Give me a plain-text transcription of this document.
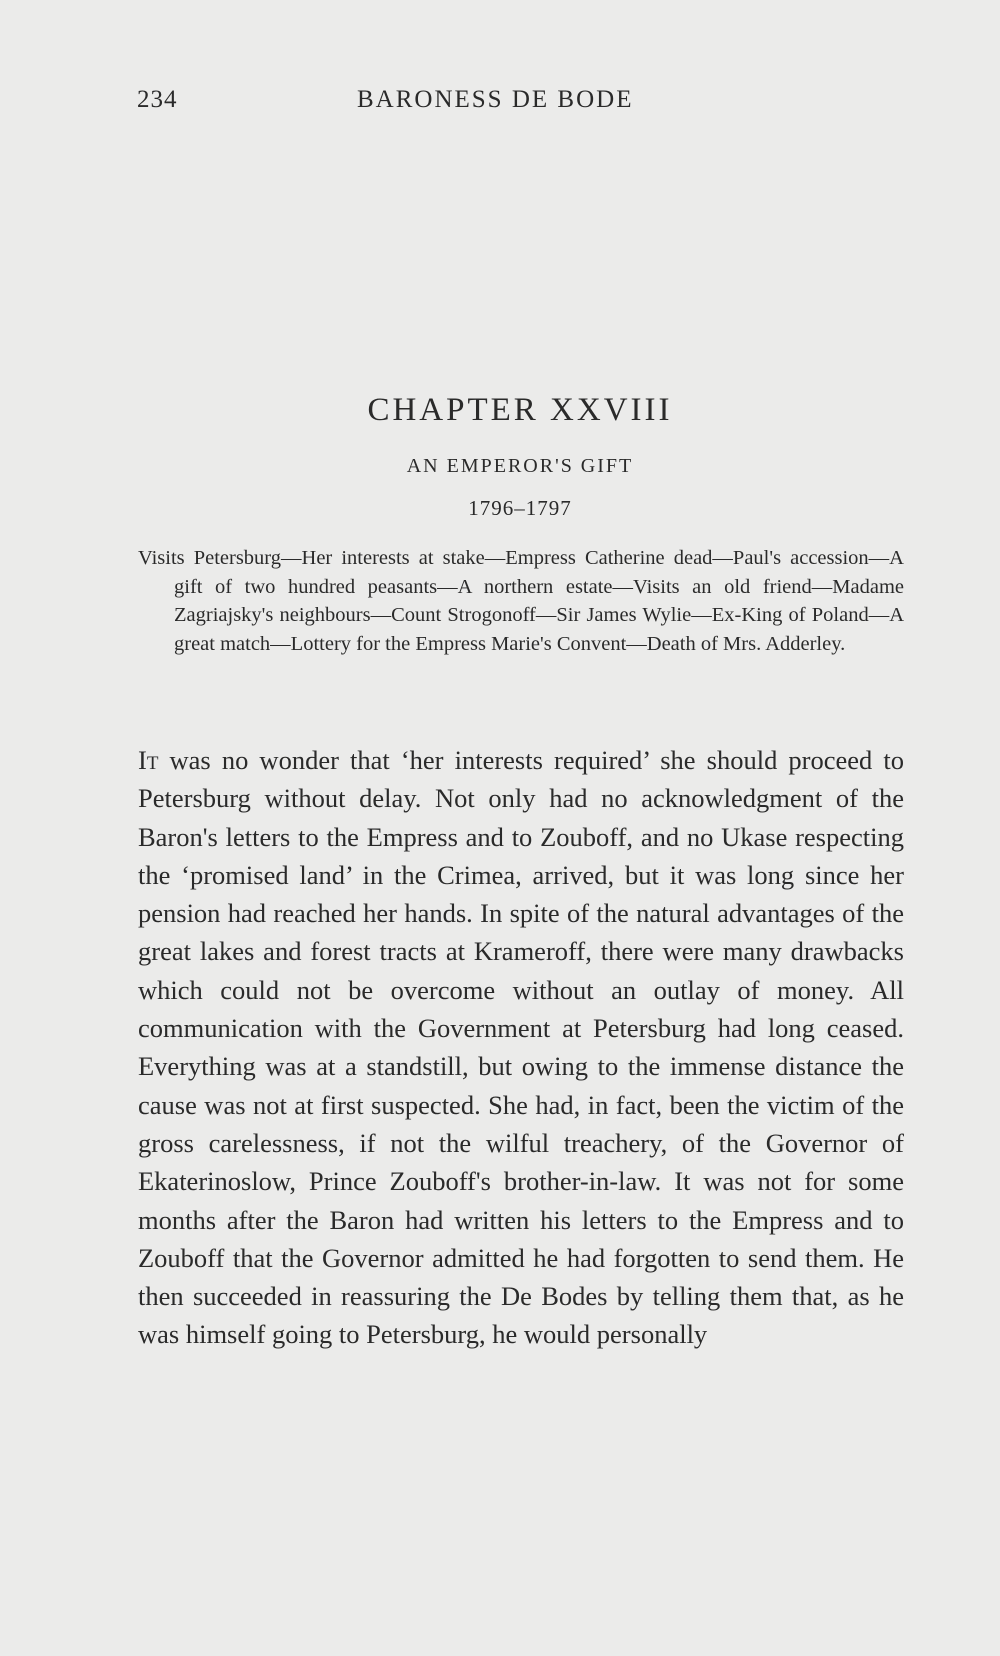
234	BARONESS DE BODE
CHAPTER XXVIII
AN EMPEROR'S GIFT
1796–1797
Visits Petersburg—Her interests at stake—Empress Catherine dead—Paul's accession—A gift of two hundred peasants—A northern estate—Visits an old friend—Madame Zagriajsky's neighbours—Count Strogonoff—Sir James Wylie—Ex-King of Poland—A great match—Lottery for the Empress Marie's Convent—Death of Mrs. Adderley.

It was no wonder that ‘her interests required’ she should proceed to Petersburg without delay. Not only had no acknowledgment of the Baron's letters to the Empress and to Zouboff, and no Ukase respecting the ‘promised land’ in the Crimea, arrived, but it was long since her pension had reached her hands. In spite of the natural advantages of the great lakes and forest tracts at Krameroff, there were many drawbacks which could not be overcome without an outlay of money. All communication with the Government at Petersburg had long ceased. Everything was at a standstill, but owing to the immense distance the cause was not at first suspected. She had, in fact, been the victim of the gross carelessness, if not the wilful treachery, of the Governor of Ekaterinoslow, Prince Zouboff's brother-in-law. It was not for some months after the Baron had written his letters to the Empress and to Zouboff that the Governor admitted he had forgotten to send them. He then succeeded in reassuring the De Bodes by telling them that, as he was himself going to Petersburg, he would personally
